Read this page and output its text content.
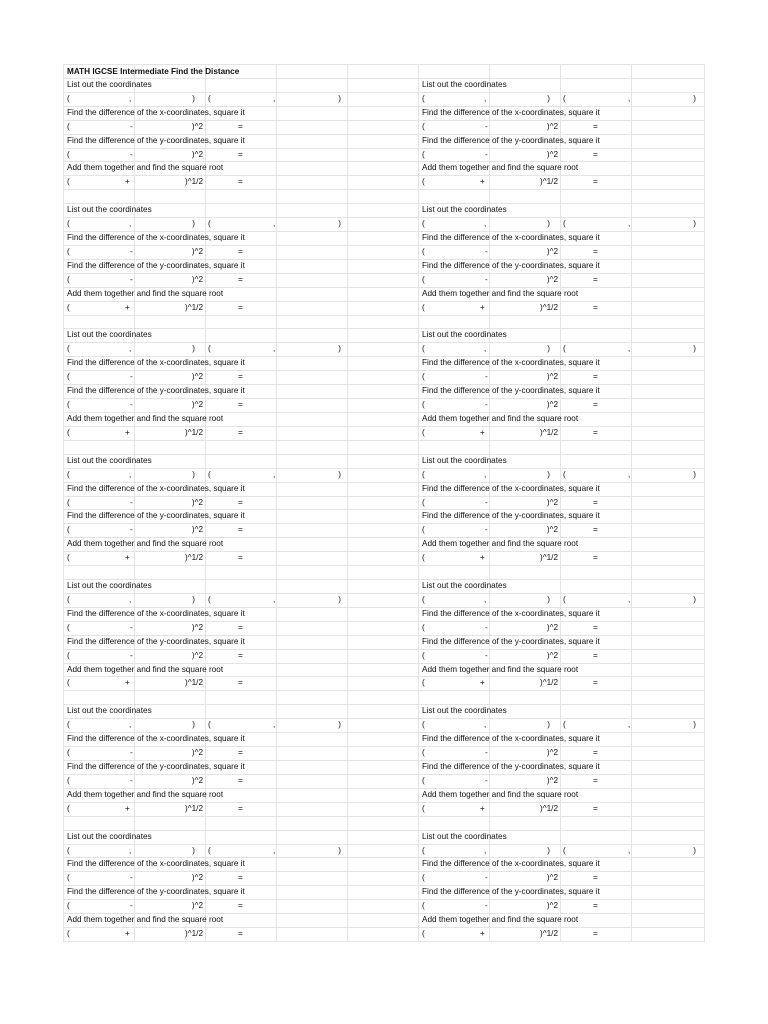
MATH IGCSE Intermediate Find the Distance
List out the coordinates
(	,	) (	,	)
Find the difference of the x-coordinates, square it
(	-	)^2	=
Find the difference of the y-coordinates, square it
(	-	)^2	=
Add them together and find the square root
(	+	)^1/2	=
List out the coordinates
(	,	) (	,	)
Find the difference of the x-coordinates, square it
(	-	)^2	=
Find the difference of the y-coordinates, square it
(	-	)^2	=
Add them together and find the square root
(	+	)^1/2	=
List out the coordinates
(	,	) (	,	)
Find the difference of the x-coordinates, square it
(	-	)^2	=
Find the difference of the y-coordinates, square it
(	-	)^2	=
Add them together and find the square root
(	+	)^1/2	=
List out the coordinates
(	,	) (	,	)
Find the difference of the x-coordinates, square it
(	-	)^2	=
Find the difference of the y-coordinates, square it
(	-	)^2	=
Add them together and find the square root
(	+	)^1/2	=
List out the coordinates
(	,	) (	,	)
Find the difference of the x-coordinates, square it
(	-	)^2	=
Find the difference of the y-coordinates, square it
(	-	)^2	=
Add them together and find the square root
(	+	)^1/2	=
List out the coordinates
(	,	) (	,	)
Find the difference of the x-coordinates, square it
(	-	)^2	=
Find the difference of the y-coordinates, square it
(	-	)^2	=
Add them together and find the square root
(	+	)^1/2	=
List out the coordinates
(	,	) (	,	)
Find the difference of the x-coordinates, square it
(	-	)^2	=
Find the difference of the y-coordinates, square it
(	-	)^2	=
Add them together and find the square root
(	+	)^1/2	=
List out the coordinates
(	,	) (	,	)
Find the difference of the x-coordinates, square it
(	-	)^2	=
Find the difference of the y-coordinates, square it
(	-	)^2	=
Add them together and find the square root
(	+	)^1/2	=
List out the coordinates
(	,	) (	,	)
Find the difference of the x-coordinates, square it
(	-	)^2	=
Find the difference of the y-coordinates, square it
(	-	)^2	=
Add them together and find the square root
(	+	)^1/2	=
List out the coordinates
(	,	) (	,	)
Find the difference of the x-coordinates, square it
(	-	)^2	=
Find the difference of the y-coordinates, square it
(	-	)^2	=
Add them together and find the square root
(	+	)^1/2	=
List out the coordinates
(	,	) (	,	)
Find the difference of the x-coordinates, square it
(	-	)^2	=
Find the difference of the y-coordinates, square it
(	-	)^2	=
Add them together and find the square root
(	+	)^1/2	=
List out the coordinates
(	,	) (	,	)
Find the difference of the x-coordinates, square it
(	-	)^2	=
Find the difference of the y-coordinates, square it
(	-	)^2	=
Add them together and find the square root
(	+	)^1/2	=
List out the coordinates
(	,	) (	,	)
Find the difference of the x-coordinates, square it
(	-	)^2	=
Find the difference of the y-coordinates, square it
(	-	)^2	=
Add them together and find the square root
(	+	)^1/2	=
List out the coordinates
(	,	) (	,	)
Find the difference of the x-coordinates, square it
(	-	)^2	=
Find the difference of the y-coordinates, square it
(	-	)^2	=
Add them together and find the square root
(	+	)^1/2	=
